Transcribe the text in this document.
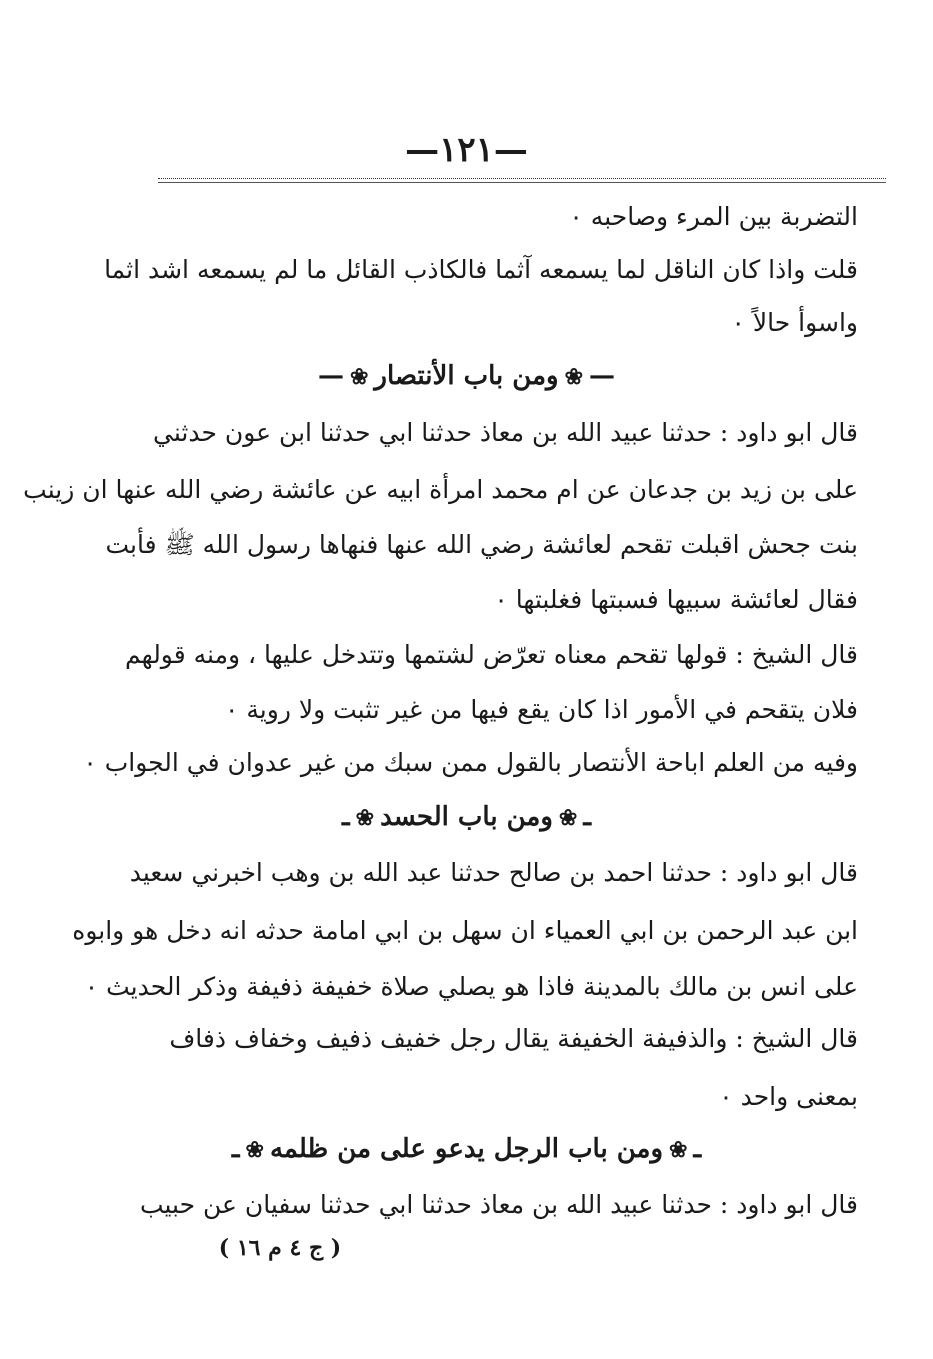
—١٢١—
التضربة بين المرء وصاحبه ٠
قلت واذا كان الناقل لما يسمعه آثما فالكاذب القائل ما لم يسمعه اشد اثما
واسوأ حالاً ٠
—❀ومن باب الأنتصار❀—
قال ابو داود : حدثنا عبيد الله بن معاذ حدثنا ابي حدثنا ابن عون حدثني
على بن زيد بن جدعان عن ام محمد امرأة ابيه عن عائشة رضي الله عنها ان زينب
بنت جحش اقبلت تقحم لعائشة رضي الله عنها فنهاها رسول الله ﷺ فأبت
فقال لعائشة سبيها فسبتها فغلبتها ٠
قال الشيخ : قولها تقحم معناه تعرّض لشتمها وتتدخل عليها ، ومنه قولهم
فلان يتقحم في الأمور اذا كان يقع فيها من غير تثبت ولا روية ٠
وفيه من العلم اباحة الأنتصار بالقول ممن سبك من غير عدوان في الجواب ٠
ـ❀ومن باب الحسد❀ـ
قال ابو داود : حدثنا احمد بن صالح حدثنا عبد الله بن وهب اخبرني سعيد
ابن عبد الرحمن بن ابي العمياء ان سهل بن ابي امامة حدثه انه دخل هو وابوه
على انس بن مالك بالمدينة فاذا هو يصلي صلاة خفيفة ذفيفة وذكر الحديث ٠
قال الشيخ : والذفيفة الخفيفة يقال رجل خفيف ذفيف وخفاف ذفاف
بمعنى واحد ٠
ـ❀ومن باب الرجل يدعو على من ظلمه❀ـ
قال ابو داود : حدثنا عبيد الله بن معاذ حدثنا ابي حدثنا سفيان عن حبيب
( ج ٤ م ١٦ )
